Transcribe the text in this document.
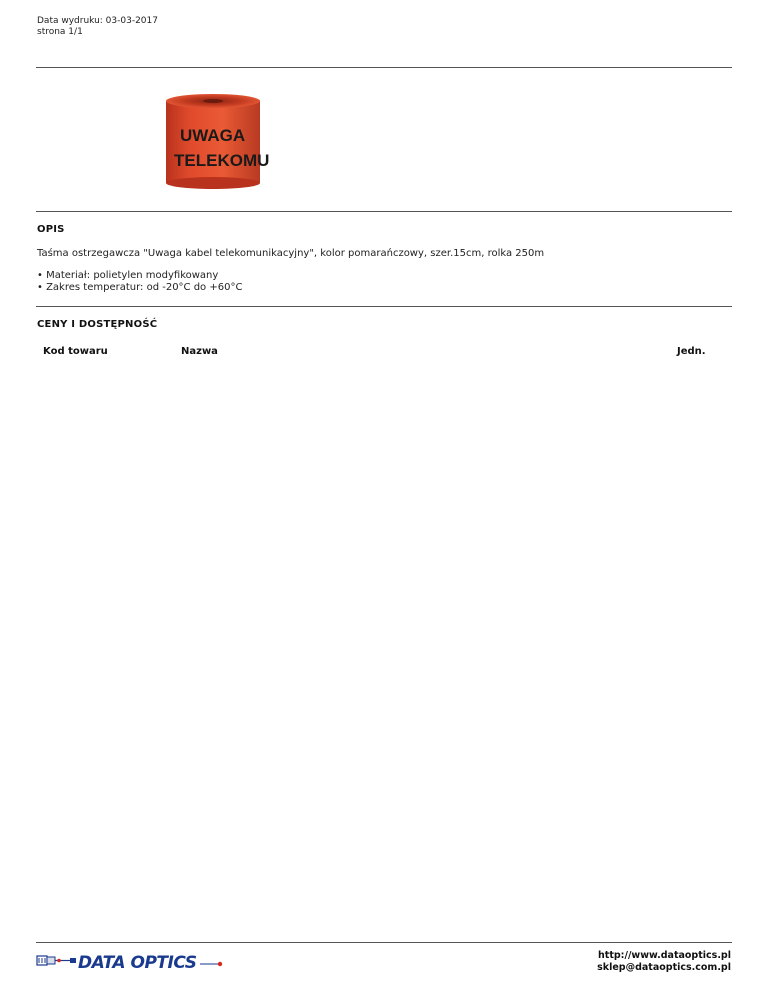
Data wydruku: 03-03-2017
strona 1/1
UWAGA
TELEKOMU
OPIS
Taśma ostrzegawcza "Uwaga kabel telekomunikacyjny", kolor pomarańczowy, szer.15cm, rolka 250m
• Materiał: polietylen modyfikowany
• Zakres temperatur: od -20°C do +60°C
CENY I DOSTĘPNOŚĆ
Kod towaru	Nazwa	Jedn.
DATA OPTICS	http://www.dataoptics.pl
sklep@dataoptics.com.pl
